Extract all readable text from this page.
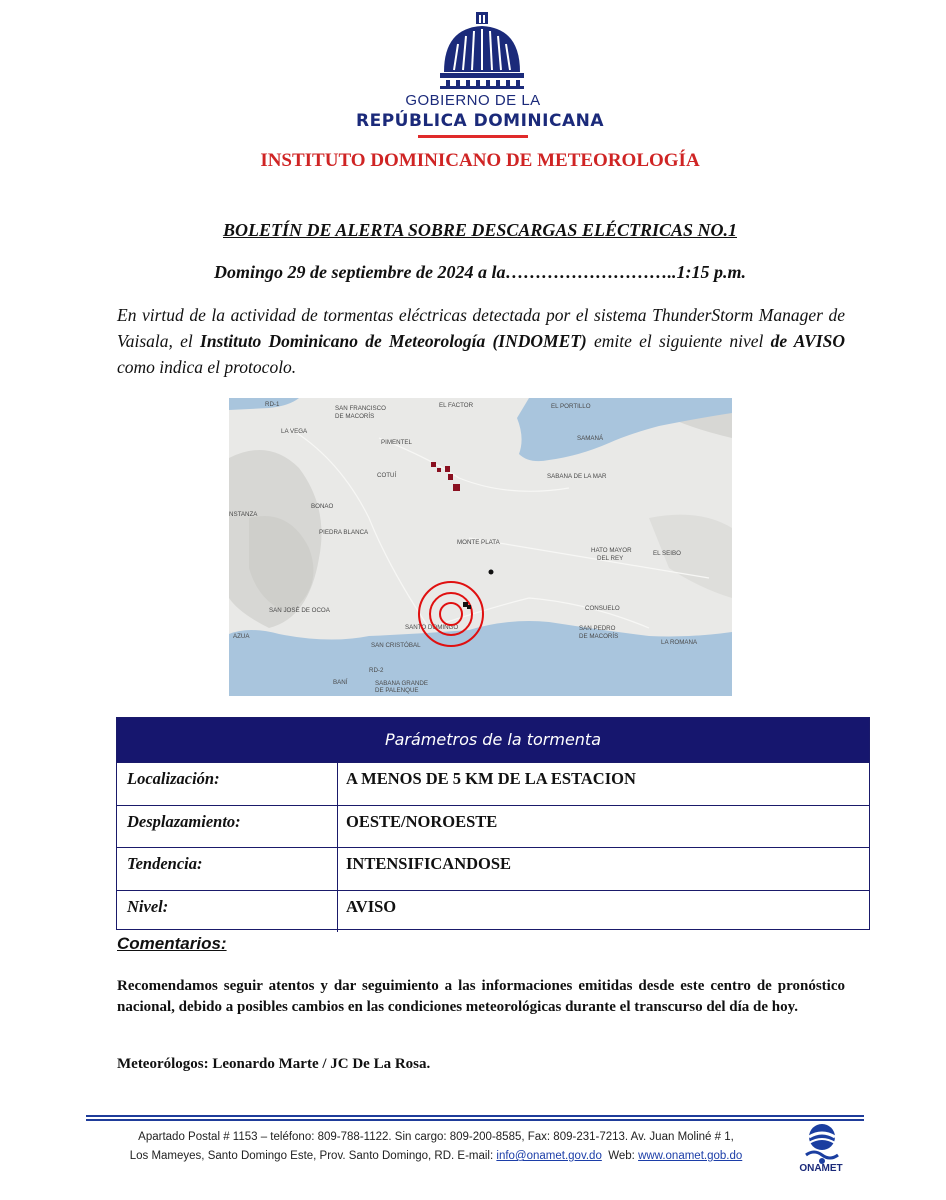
GOBIERNO DE LA
REPÚBLICA DOMINICANA
INSTITUTO DOMINICANO DE METEOROLOGÍA
BOLETÍN DE ALERTA SOBRE DESCARGAS ELÉCTRICAS NO.1
Domingo 29 de septiembre de 2024 a la………………………..1:15 p.m.
En virtud de la actividad de tormentas eléctricas detectada por el sistema ThunderStorm Manager de Vaisala, el Instituto Dominicano de Meteorología (INDOMET) emite el siguiente nivel de AVISO como indica el protocolo.
RD-1
SAN FRANCISCO
DE MACORÍS
EL FACTOR	EL PORTILLO
LA VEGA
PIMENTEL
SAMANÁ
COTUÍ	SABANA DE LA MAR
BONAO
NSTANZA
PIEDRA BLANCA
MONTE PLATA
HATO MAYOR
DEL REY
EL SEIBO
SAN JOSÉ DE OCOA
SANTO DOMINGO
CONSUELO
AZUA
SAN CRISTÓBAL
SAN PEDRO
DE MACORÍS
LA ROMANA
RD-2
BANÍ	SABANA GRANDE
DE PALENQUE
Parámetros de la tormenta
Localización:	A MENOS DE 5 KM DE LA ESTACION
Desplazamiento:	OESTE/NOROESTE
Tendencia:	INTENSIFICANDOSE
Nivel:	AVISO
Comentarios:
Recomendamos seguir atentos y dar seguimiento a las informaciones emitidas desde este centro de pronóstico nacional, debido a posibles cambios en las condiciones meteorológicas durante el transcurso del día de hoy.
Meteorólogos: Leonardo Marte / JC De La Rosa.
Apartado Postal # 1153 – teléfono: 809-788-1122. Sin cargo: 809-200-8585, Fax: 809-231-7213. Av. Juan Moliné # 1,
Los Mameyes, Santo Domingo Este, Prov. Santo Domingo, RD. E-mail: info@onamet.gov.do  Web: www.onamet.gob.do
ONAMET
